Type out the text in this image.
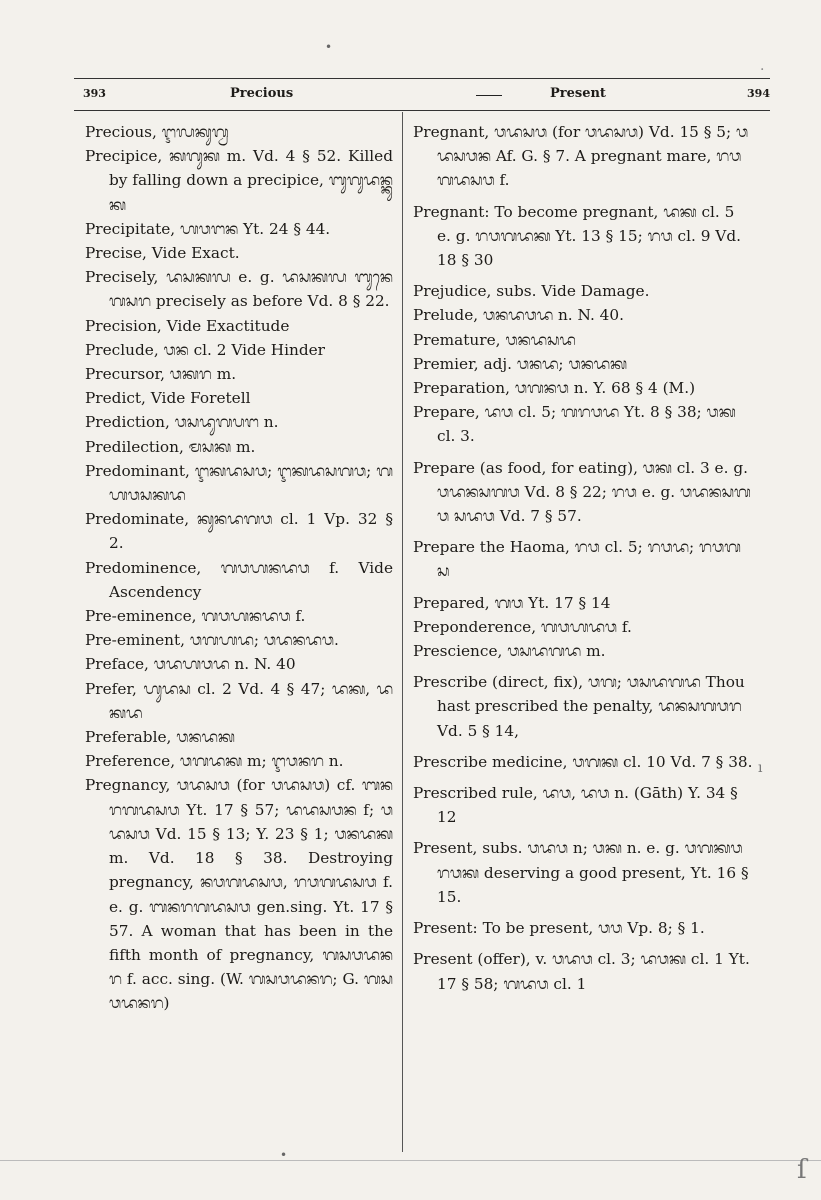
•
·
393	Precious	Present	394

Precious, ᬇᬮᬓᬸᬕ᭄ᬯ

Precipice, ᬓᬕᬸᬓ m. Vd. 4 § 52. Killed by falling down a precipice, ᬩᬸᬕᬸᬤᬦ᭄ᬓᬸᬓ

Precipitate, ᬳᬯᬗᬦ Yt. 24 § 44.

Precise, Vide Exact.

Precisely, ᬤᬲᬓᬮ e. g. ᬤᬲᬓᬮ ᬩᬸᬦᬾᬕᬲᬭ precisely as before Vd. 8 § 22.

Precision, Vide Exactitude

Preclude, ᬯᬦ cl. 2 Vide Hinder

Precursor, ᬯᬓᬭ m.

Predict, Vide Foretell

Prediction, ᬯᬲᬤᬸᬕᬧᬗ n.

Predilection, ᬫᬲᬓ m.

Predominant, ᬇᬓᬤᬲᬯ; ᬇᬓᬤᬲᬕᬯ; ᬕᬳᬯᬲᬓᬤ

Predominate, ᬓᬸᬦᬤᬕᬯ cl. 1 Vp. 32 § 2.

Predominence, ᬕᬯᬳᬦᬤᬯ f. Vide Ascendency

Pre-eminence, ᬕᬯᬳᬦᬤᬯ f.

Pre-eminent, ᬯᬕᬳᬤ; ᬯᬤᬦᬤᬯ.

Preface, ᬯᬤᬳᬯᬤ n. N. 40

Prefer, ᬳᬸᬤᬲ cl. 2 Vd. 4 § 47; ᬤᬓ, ᬤᬓᬤ

Preferable, ᬯᬦᬤᬓ

Preference, ᬯᬕᬤᬓ m; ᬇᬯᬦᬭ n.

Pregnancy, ᬯᬤᬲᬯ (for ᬯᬤᬲᬯ) cf. ᬩᬦᬭᬕᬤᬲᬯ Yt. 17 § 57; ᬤᬤᬲᬯᬦ f; ᬯᬤᬲᬯ Vd. 15 § 13; Y. 23 § 1; ᬯᬦᬤᬓ m. Vd. 18 § 38. Destroying pregnancy, ᬦᬯᬕᬤᬲᬯ, ᬭᬯᬕᬤᬲᬯ f. e. g. ᬩᬦᬭᬕᬤᬲᬯ gen.sing. Yt. 17 § 57. A woman that has been in the fifth month of pregnancy, ᬕᬲᬯᬤᬦᬭ f. acc. sing. (W. ᬕᬲᬯᬤᬦᬭ; G. ᬕᬲᬯᬤᬦᬭ)

Pregnant, ᬯᬤᬲᬯ (for ᬯᬤᬲᬯ) Vd. 15 § 5; ᬯᬤᬲᬯᬦ Af. G. § 7. A pregnant mare, ᬭᬯᬕᬤᬲᬯ f.

Pregnant: To become pregnant, ᬤᬓ cl. 5 e. g. ᬭᬯᬕᬤᬓ Yt. 13 § 15; ᬭᬯ cl. 9 Vd. 18 § 30

Prejudice, subs. Vide Damage.

Prelude, ᬯᬦᬤᬯᬤ n. N. 40.

Premature, ᬯᬦᬤᬲᬤ

Premier, adj. ᬯᬦᬤ; ᬯᬦᬤᬓ

Preparation, ᬯᬕᬦᬯ n. Y. 68 § 4 (M.)

Prepare, ᬤᬯ cl. 5; ᬕᬭᬯᬤ Yt. 8 § 38; ᬯᬓ cl. 3.

Prepare (as food, for eating), ᬯᬓ cl. 3 e. g. ᬯᬤᬦᬲᬕᬯ Vd. 8 § 22; ᬭᬯ e. g. ᬯᬤᬦᬲᬕᬯ ᬲᬤᬯ Vd. 7 § 57.

Prepare the Haoma, ᬭᬯ cl. 5; ᬭᬯᬤ; ᬭᬯᬕᬲ

Prepared, ᬕᬯ Yt. 17 § 14

Preponderence, ᬕᬯᬳᬤᬯ f.

Prescience, ᬯᬲᬤᬕᬤ m.

Prescribe (direct, fix), ᬯᬕ; ᬯᬲᬤᬕᬤ Thou hast prescribed the penalty, ᬤᬦᬲᬕᬯᬭ Vd. 5 § 14,

Prescribe medicine, ᬯᬕᬓ cl. 10 Vd. 7 § 38.

Prescribed rule, ᬤᬯ, ᬤᬯ n. (Gāth) Y. 34 § 12

Present, subs. ᬯᬤᬯ n; ᬯᬓ n. e. g. ᬯᬕᬓᬯ ᬭᬯᬓ deserving a good present, Yt. 16 § 15.

Present: To be present, ᬯᬯ Vp. 8; § 1.

Present (offer), v. ᬯᬤᬯ cl. 3; ᬤᬯᬓ cl. 1 Yt. 17 § 58; ᬕᬤᬯ cl. 1

ı
•	ſ
